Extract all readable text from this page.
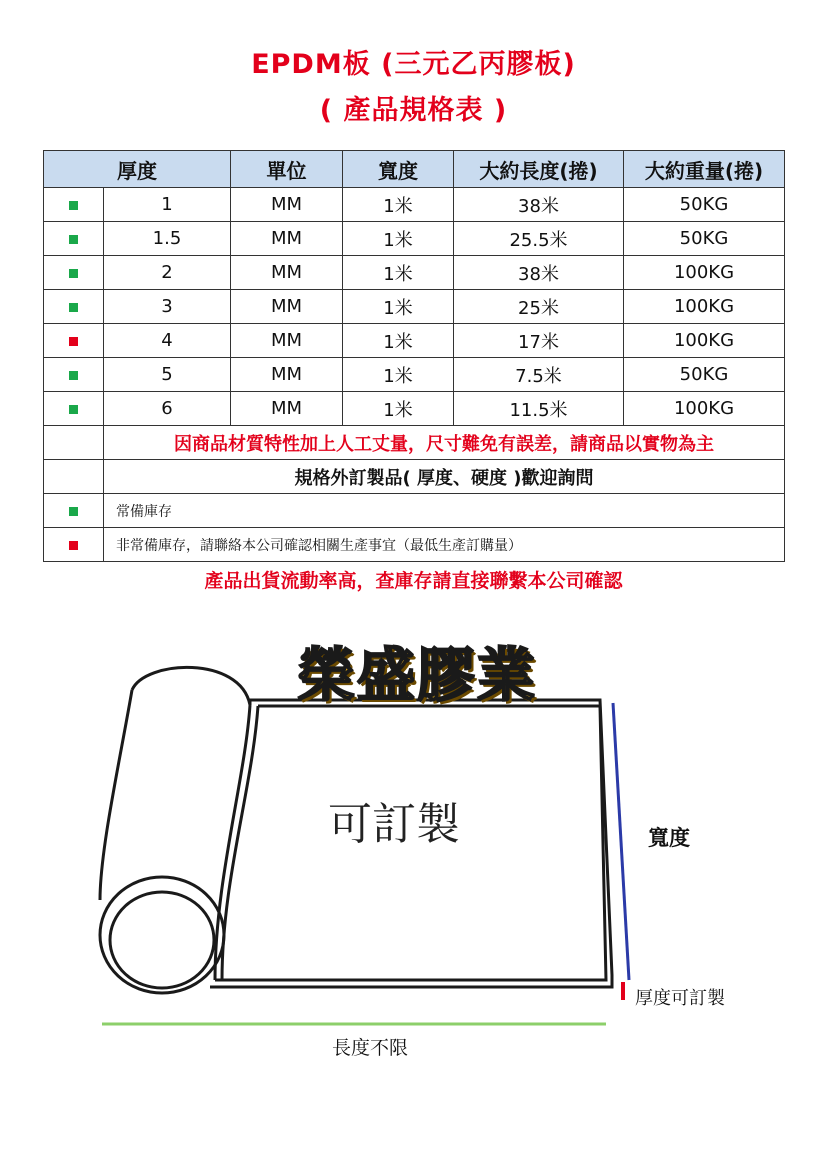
EPDM板 (三元乙丙膠板)
( 產品規格表 )
厚度		單位	寬度	大約長度(捲)	大約重量(捲)
	1	MM	1米	38米	50KG
	1.5	MM	1米	25.5米	50KG
	2	MM	1米	38米	100KG
	3	MM	1米	25米	100KG
	4	MM	1米	17米	100KG
	5	MM	1米	7.5米	50KG
	6	MM	1米	11.5米	100KG
	因商品材質特性加上人工丈量，尺寸難免有誤差，請商品以實物為主				
	規格外訂製品( 厚度、硬度 )歡迎詢問				
	常備庫存				
	非常備庫存，請聯絡本公司確認相關生產事宜（最低生產訂購量）				
產品出貨流動率高，查庫存請直接聯繫本公司確認
榮盛膠業
可訂製	寬度
厚度可訂製
長度不限
